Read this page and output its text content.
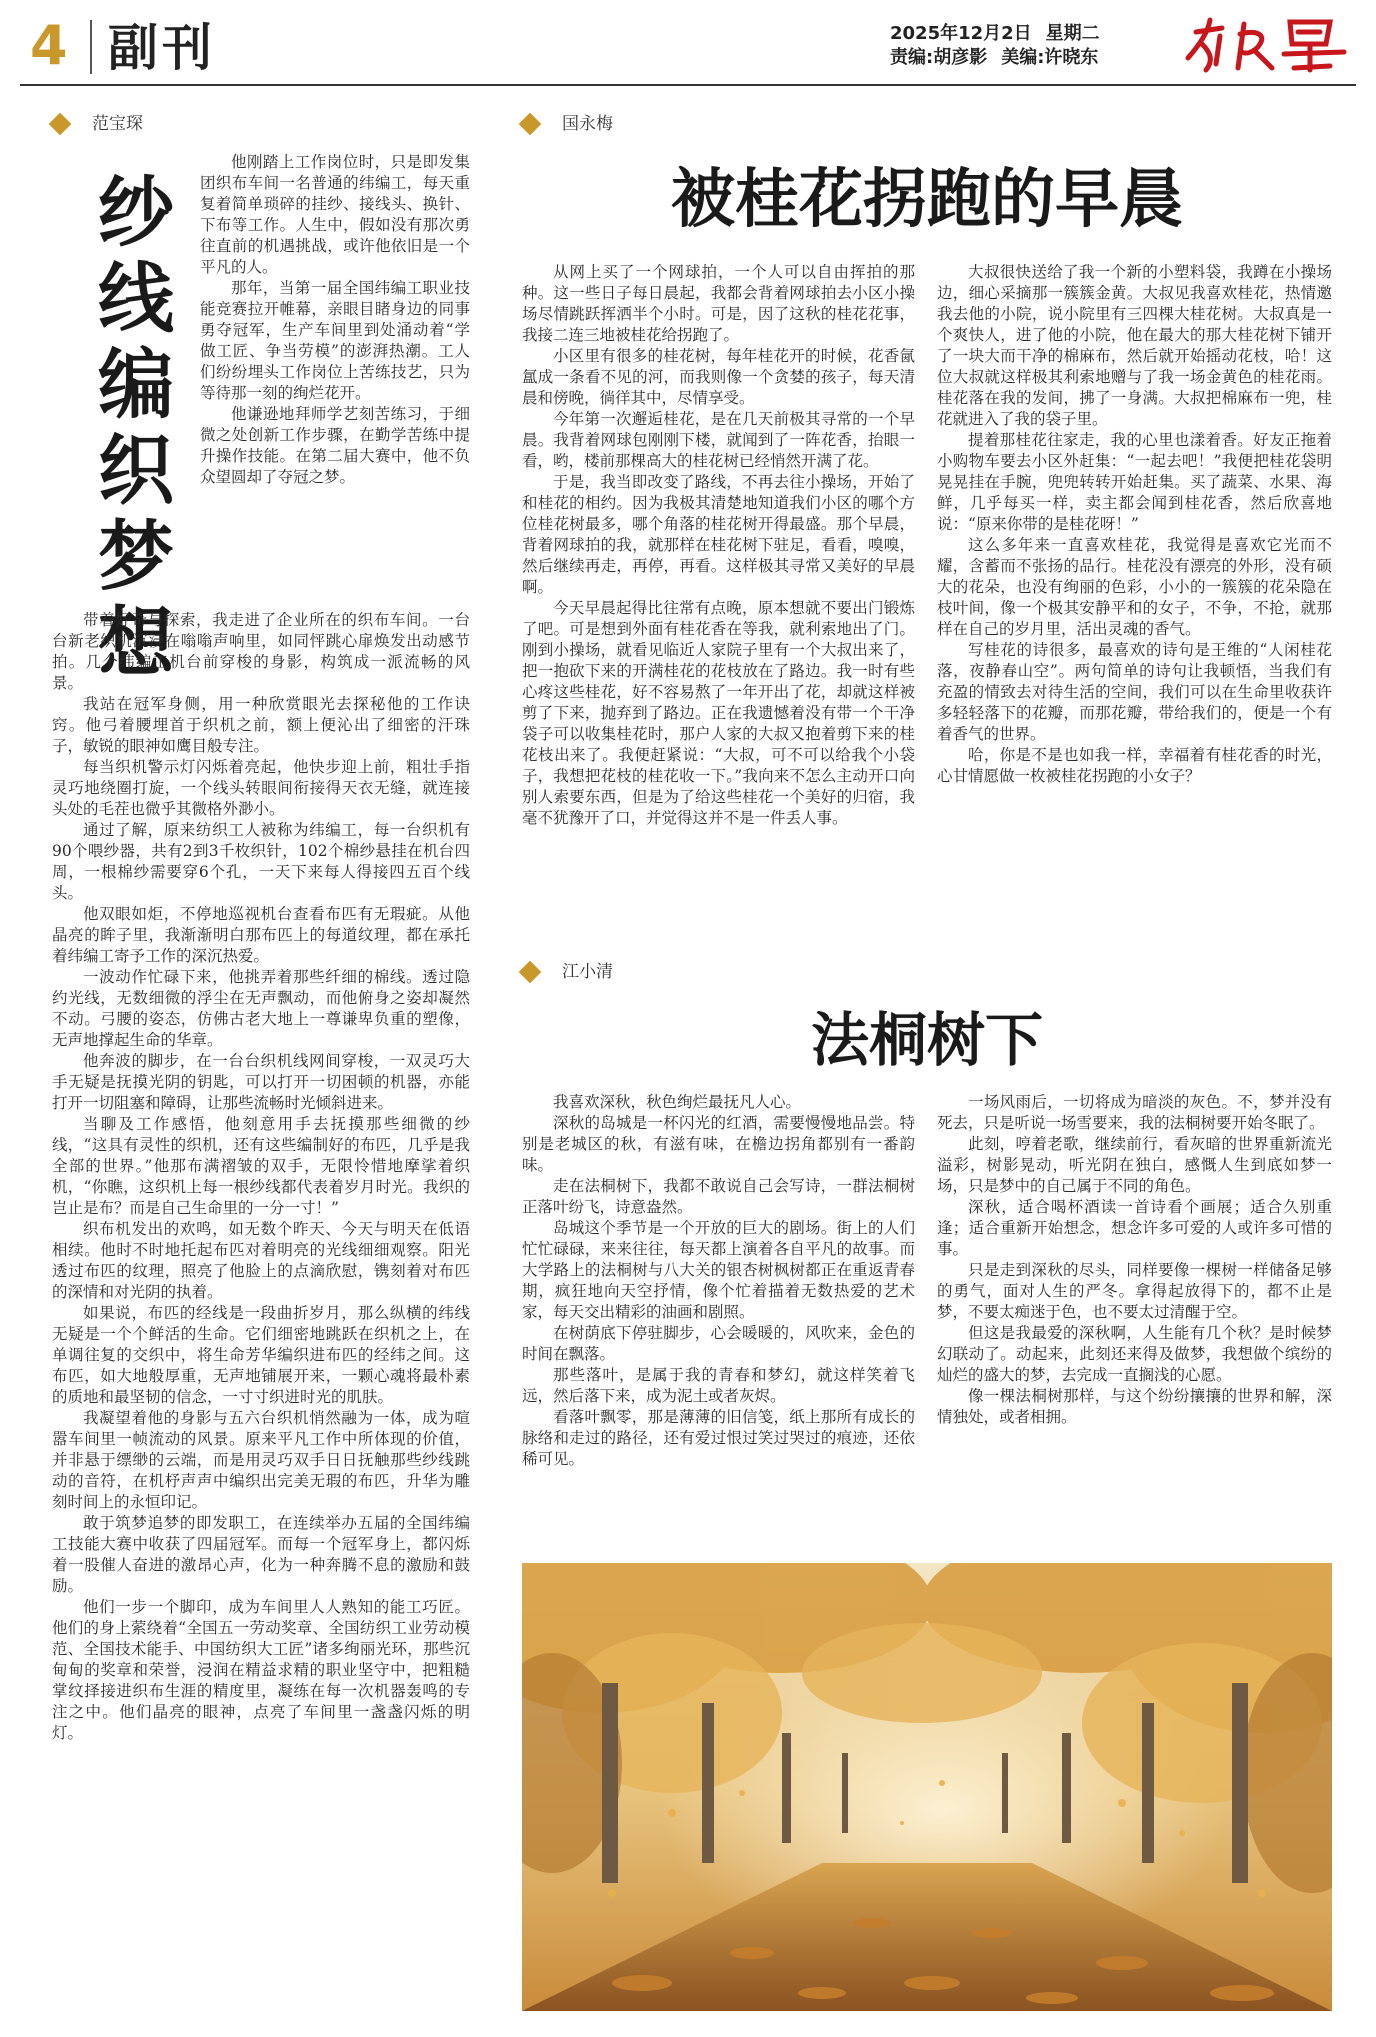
4 副刊	2025年12月2日 星期二
责编:胡彦影 美编:许晓东
范宝琛
纱线编织梦想

他刚踏上工作岗位时，只是即发集团织布车间一名普通的纬编工，每天重复着简单琐碎的挂纱、接线头、换针、下布等工作。人生中，假如没有那次勇往直前的机遇挑战，或许他依旧是一个平凡的人。

那年，当第一届全国纬编工职业技能竞赛拉开帷幕，亲眼目睹身边的同事勇夺冠军，生产车间里到处涌动着“学做工匠、争当劳模”的澎湃热潮。工人们纷纷埋头工作岗位上苦练技艺，只为等待那一刻的绚烂花开。

他谦逊地拜师学艺刻苦练习，于细微之处创新工作步骤，在勤学苦练中提升操作技能。在第二届大赛中，他不负众望圆却了夺冠之梦。

带着好奇与探索，我走进了企业所在的织布车间。一台台新老织机沉浸在嗡嗡声响里，如同怦跳心扉焕发出动感节拍。几个纬编工机台前穿梭的身影，构筑成一派流畅的风景。

我站在冠军身侧，用一种欣赏眼光去探秘他的工作诀窍。他弓着腰埋首于织机之前，额上便沁出了细密的汗珠子，敏锐的眼神如鹰目般专注。

每当织机警示灯闪烁着亮起，他快步迎上前，粗壮手指灵巧地绕圈打旋，一个线头转眼间衔接得天衣无缝，就连接头处的毛茬也微乎其微格外渺小。

通过了解，原来纺织工人被称为纬编工，每一台织机有90个喂纱器，共有2到3千枚织针，102个棉纱悬挂在机台四周，一根棉纱需要穿6个孔，一天下来每人得接四五百个线头。

他双眼如炬，不停地巡视机台查看布匹有无瑕疵。从他晶亮的眸子里，我渐渐明白那布匹上的每道纹理，都在承托着纬编工寄予工作的深沉热爱。

一波动作忙碌下来，他挑弄着那些纤细的棉线。透过隐约光线，无数细微的浮尘在无声飘动，而他俯身之姿却凝然不动。弓腰的姿态，仿佛古老大地上一尊谦卑负重的塑像，无声地撑起生命的华章。

他奔波的脚步，在一台台织机线网间穿梭，一双灵巧大手无疑是抚摸光阴的钥匙，可以打开一切困顿的机器，亦能打开一切阻塞和障碍，让那些流畅时光倾斜进来。

当聊及工作感悟，他刻意用手去抚摸那些细微的纱线，“这具有灵性的织机，还有这些编制好的布匹，几乎是我全部的世界。”他那布满褶皱的双手，无限怜惜地摩挲着织机，“你瞧，这织机上每一根纱线都代表着岁月时光。我织的岂止是布？而是自己生命里的一分一寸！”

织布机发出的欢鸣，如无数个昨天、今天与明天在低语相续。他时不时地托起布匹对着明亮的光线细细观察。阳光透过布匹的纹理，照亮了他脸上的点滴欣慰，镌刻着对布匹的深情和对光阴的执着。

如果说，布匹的经线是一段曲折岁月，那么纵横的纬线无疑是一个个鲜活的生命。它们细密地跳跃在织机之上，在单调往复的交织中，将生命芳华编织进布匹的经纬之间。这布匹，如大地般厚重，无声地铺展开来，一颗心魂将最朴素的质地和最坚韧的信念，一寸寸织进时光的肌肤。

我凝望着他的身影与五六台织机悄然融为一体，成为喧嚣车间里一帧流动的风景。原来平凡工作中所体现的价值，并非悬于缥缈的云端，而是用灵巧双手日日抚触那些纱线跳动的音符，在机杼声声中编织出完美无瑕的布匹，升华为雕刻时间上的永恒印记。

敢于筑梦追梦的即发职工，在连续举办五届的全国纬编工技能大赛中收获了四届冠军。而每一个冠军身上，都闪烁着一股催人奋进的激昂心声，化为一种奔腾不息的激励和鼓励。

他们一步一个脚印，成为车间里人人熟知的能工巧匠。他们的身上萦绕着“全国五一劳动奖章、全国纺织工业劳动模范、全国技术能手、中国纺织大工匠”诸多绚丽光环，那些沉甸甸的奖章和荣誉，浸润在精益求精的职业坚守中，把粗糙掌纹择接进织布生涯的精度里，凝练在每一次机器轰鸣的专注之中。他们晶亮的眼神，点亮了车间里一盏盏闪烁的明灯。

国永梅
被桂花拐跑的早晨

从网上买了一个网球拍，一个人可以自由挥拍的那种。这一些日子每日晨起，我都会背着网球拍去小区小操场尽情跳跃挥洒半个小时。可是，因了这秋的桂花花事，我接二连三地被桂花给拐跑了。

小区里有很多的桂花树，每年桂花开的时候，花香氤氲成一条看不见的河，而我则像一个贪婪的孩子，每天清晨和傍晚，徜徉其中，尽情享受。

今年第一次邂逅桂花，是在几天前极其寻常的一个早晨。我背着网球包刚刚下楼，就闻到了一阵花香，抬眼一看，哟，楼前那棵高大的桂花树已经悄然开满了花。

于是，我当即改变了路线，不再去往小操场，开始了和桂花的相约。因为我极其清楚地知道我们小区的哪个方位桂花树最多，哪个角落的桂花树开得最盛。那个早晨，背着网球拍的我，就那样在桂花树下驻足，看看，嗅嗅，然后继续再走，再停，再看。这样极其寻常又美好的早晨啊。

今天早晨起得比往常有点晚，原本想就不要出门锻炼了吧。可是想到外面有桂花香在等我，就利索地出了门。刚到小操场，就看见临近人家院子里有一个大叔出来了，把一抱砍下来的开满桂花的花枝放在了路边。我一时有些心疼这些桂花，好不容易熬了一年开出了花，却就这样被剪了下来，抛弃到了路边。正在我遗憾着没有带一个干净袋子可以收集桂花时，那户人家的大叔又抱着剪下来的桂花枝出来了。我便赶紧说：“大叔，可不可以给我个小袋子，我想把花枝的桂花收一下。”我向来不怎么主动开口向别人索要东西，但是为了给这些桂花一个美好的归宿，我毫不犹豫开了口，并觉得这并不是一件丢人事。

大叔很快送给了我一个新的小塑料袋，我蹲在小操场边，细心采摘那一簇簇金黄。大叔见我喜欢桂花，热情邀我去他的小院，说小院里有三四棵大桂花树。大叔真是一个爽快人，进了他的小院，他在最大的那大桂花树下铺开了一块大而干净的棉麻布，然后就开始摇动花枝，哈！这位大叔就这样极其利索地赠与了我一场金黄色的桂花雨。桂花落在我的发间，拂了一身满。大叔把棉麻布一兜，桂花就进入了我的袋子里。

提着那桂花往家走，我的心里也漾着香。好友正拖着小购物车要去小区外赶集：“一起去吧！”我便把桂花袋明晃晃挂在手腕，兜兜转转开始赶集。买了蔬菜、水果、海鲜，几乎每买一样，卖主都会闻到桂花香，然后欣喜地说：“原来你带的是桂花呀！”

这么多年来一直喜欢桂花，我觉得是喜欢它光而不耀，含蓄而不张扬的品行。桂花没有漂亮的外形，没有硕大的花朵，也没有绚丽的色彩，小小的一簇簇的花朵隐在枝叶间，像一个极其安静平和的女子，不争，不抢，就那样在自己的岁月里，活出灵魂的香气。

写桂花的诗很多，最喜欢的诗句是王维的“人闲桂花落，夜静春山空”。两句简单的诗句让我顿悟，当我们有充盈的情致去对待生活的空间，我们可以在生命里收获许多轻轻落下的花瓣，而那花瓣，带给我们的，便是一个有着香气的世界。

哈，你是不是也如我一样，幸福着有桂花香的时光，心甘情愿做一枚被桂花拐跑的小女子？

江小清
法桐树下

我喜欢深秋，秋色绚烂最抚凡人心。

深秋的岛城是一杯闪光的红酒，需要慢慢地品尝。特别是老城区的秋，有滋有味，在檐边拐角都别有一番韵味。

走在法桐树下，我都不敢说自己会写诗，一群法桐树正落叶纷飞，诗意盎然。

岛城这个季节是一个开放的巨大的剧场。街上的人们忙忙碌碌，来来往往，每天都上演着各自平凡的故事。而大学路上的法桐树与八大关的银杏树枫树都正在重返青春期，疯狂地向天空抒情，像个忙着描着无数热爱的艺术家，每天交出精彩的油画和剧照。

在树荫底下停驻脚步，心会暖暖的，风吹来，金色的时间在飘落。

那些落叶，是属于我的青春和梦幻，就这样笑着飞远，然后落下来，成为泥土或者灰烬。

看落叶飘零，那是薄薄的旧信笺，纸上那所有成长的脉络和走过的路径，还有爱过恨过笑过哭过的痕迹，还依稀可见。

一场风雨后，一切将成为暗淡的灰色。不，梦并没有死去，只是听说一场雪要来，我的法桐树要开始冬眠了。

此刻，哼着老歌，继续前行，看灰暗的世界重新流光溢彩，树影晃动，听光阴在独白，感慨人生到底如梦一场，只是梦中的自己属于不同的角色。

深秋，适合喝杯酒读一首诗看个画展；适合久别重逢；适合重新开始想念，想念许多可爱的人或许多可惜的事。

只是走到深秋的尽头，同样要像一棵树一样储备足够的勇气，面对人生的严冬。拿得起放得下的，都不止是梦，不要太痴迷于色，也不要太过清醒于空。

但这是我最爱的深秋啊，人生能有几个秋？是时候梦幻联动了。动起来，此刻还来得及做梦，我想做个缤纷的灿烂的盛大的梦，去完成一直搁浅的心愿。

像一棵法桐树那样，与这个纷纷攘攘的世界和解，深情独处，或者相拥。
